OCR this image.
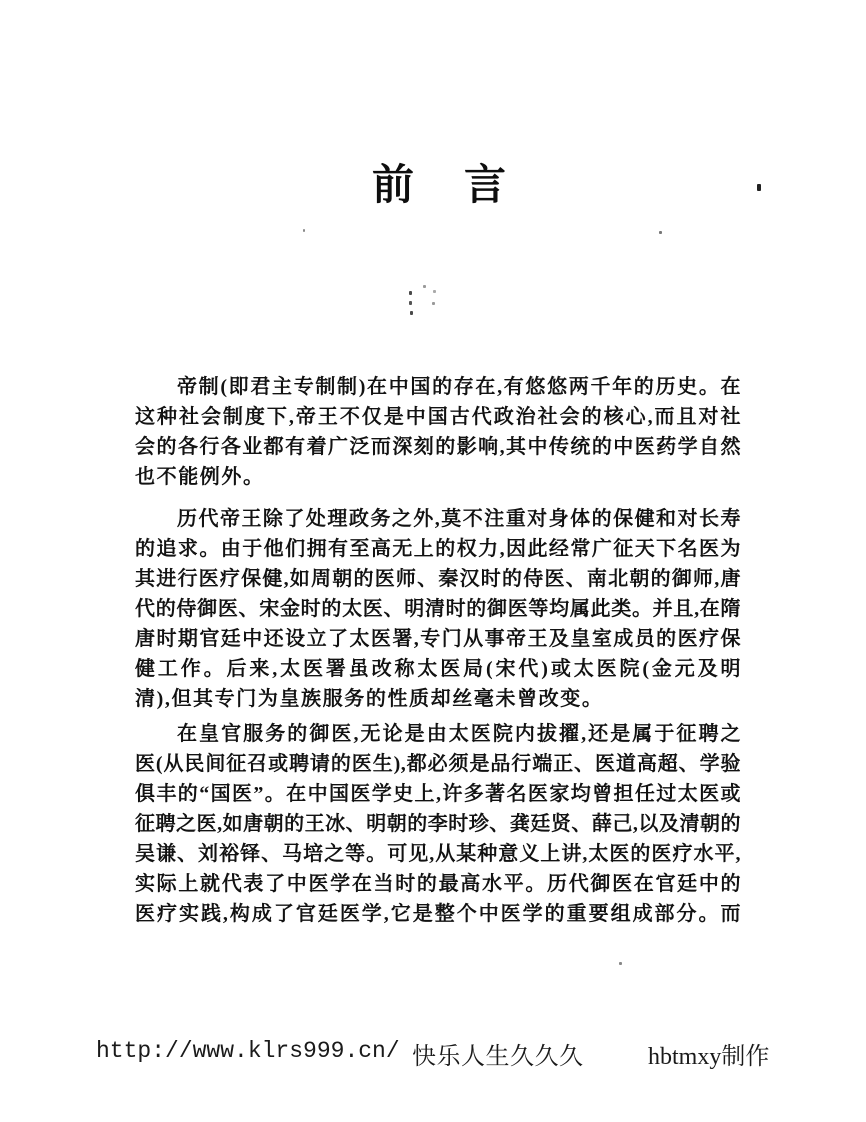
前　言

帝制(即君主专制制)在中国的存在,有悠悠两千年的历史。在
这种社会制度下,帝王不仅是中国古代政治社会的核心,而且对社
会的各行各业都有着广泛而深刻的影响,其中传统的中医药学自然
也不能例外。

历代帝王除了处理政务之外,莫不注重对身体的保健和对长寿
的追求。由于他们拥有至高无上的权力,因此经常广征天下名医为
其进行医疗保健,如周朝的医师、秦汉时的侍医、南北朝的御师,唐
代的侍御医、宋金时的太医、明清时的御医等均属此类。并且,在隋
唐时期官廷中还设立了太医署,专门从事帝王及皇室成员的医疗保
健工作。后来,太医署虽改称太医局(宋代)或太医院(金元及明
清),但其专门为皇族服务的性质却丝毫未曾改变。

在皇官服务的御医,无论是由太医院内拔擢,还是属于征聘之
医(从民间征召或聘请的医生),都必须是品行端正、医道高超、学验
俱丰的“国医”。在中国医学史上,许多著名医家均曾担任过太医或
征聘之医,如唐朝的王冰、明朝的李时珍、龚廷贤、薛己,以及清朝的
吴谦、刘裕铎、马培之等。可见,从某种意义上讲,太医的医疗水平,
实际上就代表了中医学在当时的最高水平。历代御医在官廷中的
医疗实践,构成了官廷医学,它是整个中医学的重要组成部分。而

http://www.klrs999.cn/ 快乐人生久久久	hbtmxy制作
